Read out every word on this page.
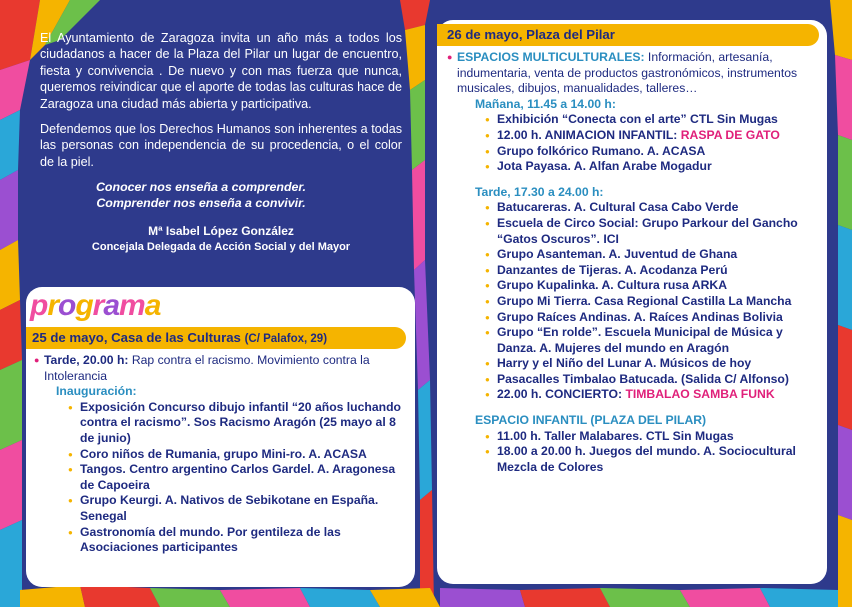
El Ayuntamiento de Zaragoza invita un año más a todos los ciudadanos a hacer de la Plaza del Pilar un lugar de encuentro, fiesta y convivencia . De nuevo y con mas fuerza que nunca, queremos reivindicar que el aporte de todas las culturas hace de Zaragoza una ciudad más abierta y participativa.

Defendemos que los Derechos Humanos son inherentes a todas las personas con independencia de su procedencia, o el color de la piel.

Conocer nos enseña a comprender.
Comprender nos enseña a convivir.
Mª Isabel López González
Concejala Delegada de Acción Social y del Mayor
programa
25 de mayo, Casa de las Culturas (C/ Palafox, 29)
● Tarde, 20.00 h: Rap contra el racismo. Movimiento contra la Intolerancia
Inauguración:
● Exposición Concurso dibujo infantil “20 años luchando contra el racismo”. Sos Racismo Aragón (25 mayo al 8 de junio)
● Coro niños de Rumania, grupo Mini-ro. A. ACASA
● Tangos. Centro argentino Carlos Gardel. A. Aragonesa de Capoeira
● Grupo Keurgi. A. Nativos de Sebikotane en España. Senegal
● Gastronomía del mundo. Por gentileza de las Asociaciones participantes
26 de mayo, Plaza del Pilar
● ESPACIOS MULTICULTURALES: Información, artesanía, indumentaria, venta de productos gastronómicos, instrumentos musicales, dibujos, manualidades, talleres…
Mañana, 11.45 a 14.00 h:
● Exhibición “Conecta con el arte” CTL Sin Mugas
● 12.00 h. ANIMACION INFANTIL: RASPA DE GATO
● Grupo folkórico Rumano. A. ACASA
● Jota Payasa. A. Alfan Arabe Mogadur
Tarde, 17.30 a 24.00 h:
● Batucareras. A. Cultural Casa Cabo Verde
● Escuela de Circo Social: Grupo Parkour del Gancho “Gatos Oscuros”. ICI
● Grupo Asanteman. A. Juventud de Ghana
● Danzantes de Tijeras. A. Acodanza Perú
● Grupo Kupalinka. A. Cultura rusa ARKA
● Grupo Mi Tierra. Casa Regional Castilla La Mancha
● Grupo Raíces Andinas. A. Raíces Andinas Bolivia
● Grupo “En rolde”. Escuela Municipal de Música y Danza. A. Mujeres del mundo en Aragón
● Harry y el Niño del Lunar A. Músicos de hoy
● Pasacalles Timbalao Batucada. (Salida C/ Alfonso)
● 22.00 h. CONCIERTO: TIMBALAO SAMBA FUNK
ESPACIO INFANTIL (PLAZA DEL PILAR)
● 11.00 h. Taller Malabares. CTL Sin Mugas
● 18.00 a 20.00 h. Juegos del mundo. A. Sociocultural Mezcla de Colores
